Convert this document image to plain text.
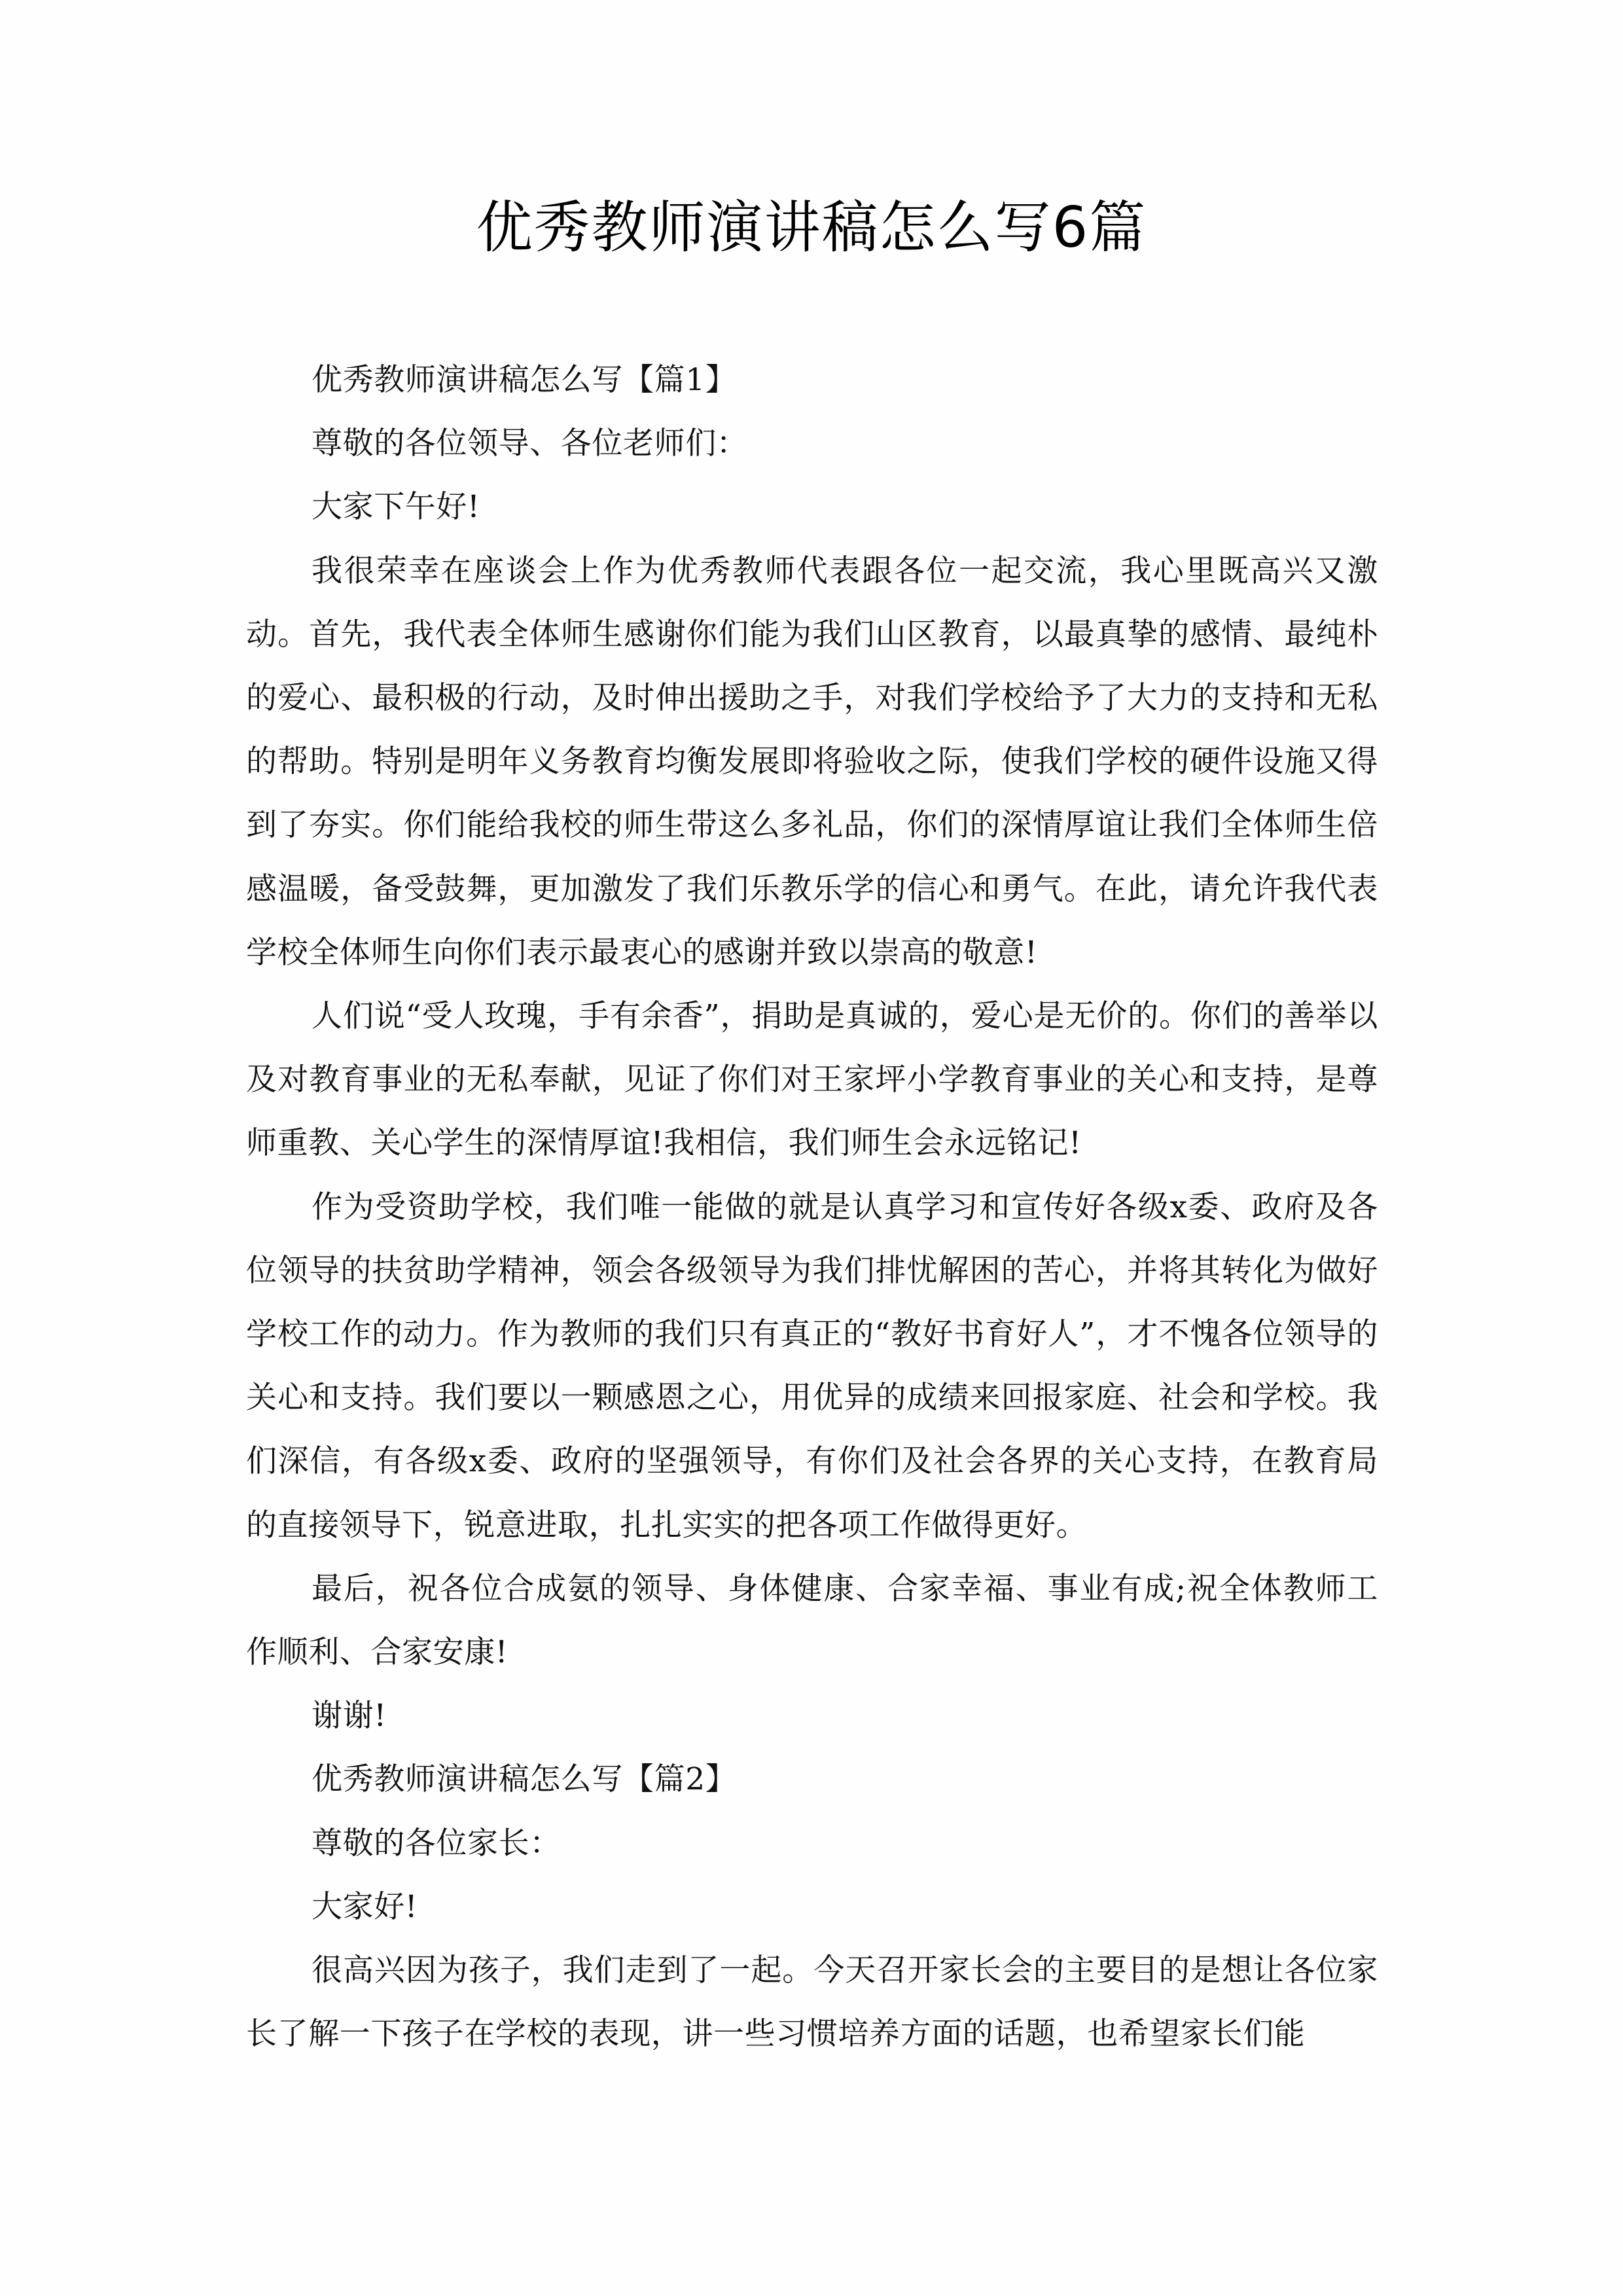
优秀教师演讲稿怎么写6篇

优秀教师演讲稿怎么写【篇1】

尊敬的各位领导、各位老师们：

大家下午好!

我很荣幸在座谈会上作为优秀教师代表跟各位一起交流，我心里既高兴又激动。首先，我代表全体师生感谢你们能为我们山区教育，以最真挚的感情、最纯朴的爱心、最积极的行动，及时伸出援助之手，对我们学校给予了大力的支持和无私的帮助。特别是明年义务教育均衡发展即将验收之际，使我们学校的硬件设施又得到了夯实。你们能给我校的师生带这么多礼品，你们的深情厚谊让我们全体师生倍感温暖，备受鼓舞，更加激发了我们乐教乐学的信心和勇气。在此，请允许我代表学校全体师生向你们表示最衷心的感谢并致以崇高的敬意!

人们说“受人玫瑰，手有余香”，捐助是真诚的，爱心是无价的。你们的善举以及对教育事业的无私奉献，见证了你们对王家坪小学教育事业的关心和支持，是尊师重教、关心学生的深情厚谊!我相信，我们师生会永远铭记!

作为受资助学校，我们唯一能做的就是认真学习和宣传好各级x委、政府及各位领导的扶贫助学精神，领会各级领导为我们排忧解困的苦心，并将其转化为做好学校工作的动力。作为教师的我们只有真正的“教好书育好人”，才不愧各位领导的关心和支持。我们要以一颗感恩之心，用优异的成绩来回报家庭、社会和学校。我们深信，有各级x委、政府的坚强领导，有你们及社会各界的关心支持，在教育局的直接领导下，锐意进取，扎扎实实的把各项工作做得更好。

最后，祝各位合成氨的领导、身体健康、合家幸福、事业有成;祝全体教师工作顺利、合家安康!

谢谢!

优秀教师演讲稿怎么写【篇2】

尊敬的各位家长：

大家好!

很高兴因为孩子，我们走到了一起。今天召开家长会的主要目的是想让各位家长了解一下孩子在学校的表现，讲一些习惯培养方面的话题，也希望家长们能
